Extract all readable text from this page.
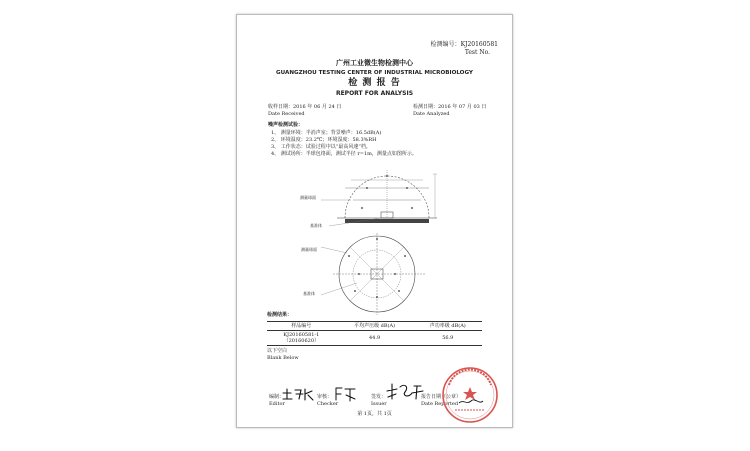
检测编号：KJ20160581
Test No.
广州工业微生物检测中心
GUANGZHOU TESTING CENTER OF INDUSTRIAL MICROBIOLOGY
检 测 报 告
REPORT FOR ANALYSIS
收样日期：2016 年 06 月 24 日
Date Received
检测日期：2016 年 07 月 03 日
Date Analyzed
噪声检测试验：
1、 测量环境：半消声室；背景噪声：16.5dB(A)
2、 环境温度：23.2℃；环境湿度：58.3%RH
3、 工作状态：试验过程中以“最高风速”档。
4、 测试场所：半球包络面，测试半径 r=1m，测量点如图所示。
测量球面
基准体
测量球面
基准体
检测结果：
样品编号	平均声压级 dB(A)	声功率级 dB(A)

KJ20160581-1
（20160620）	44.9	56.9
以下空白
Blank Below
编制：
Editor
审核：
Checker
签发：
Issuer
报告日期（公章）
Date Reported
第 1页，共 1页
